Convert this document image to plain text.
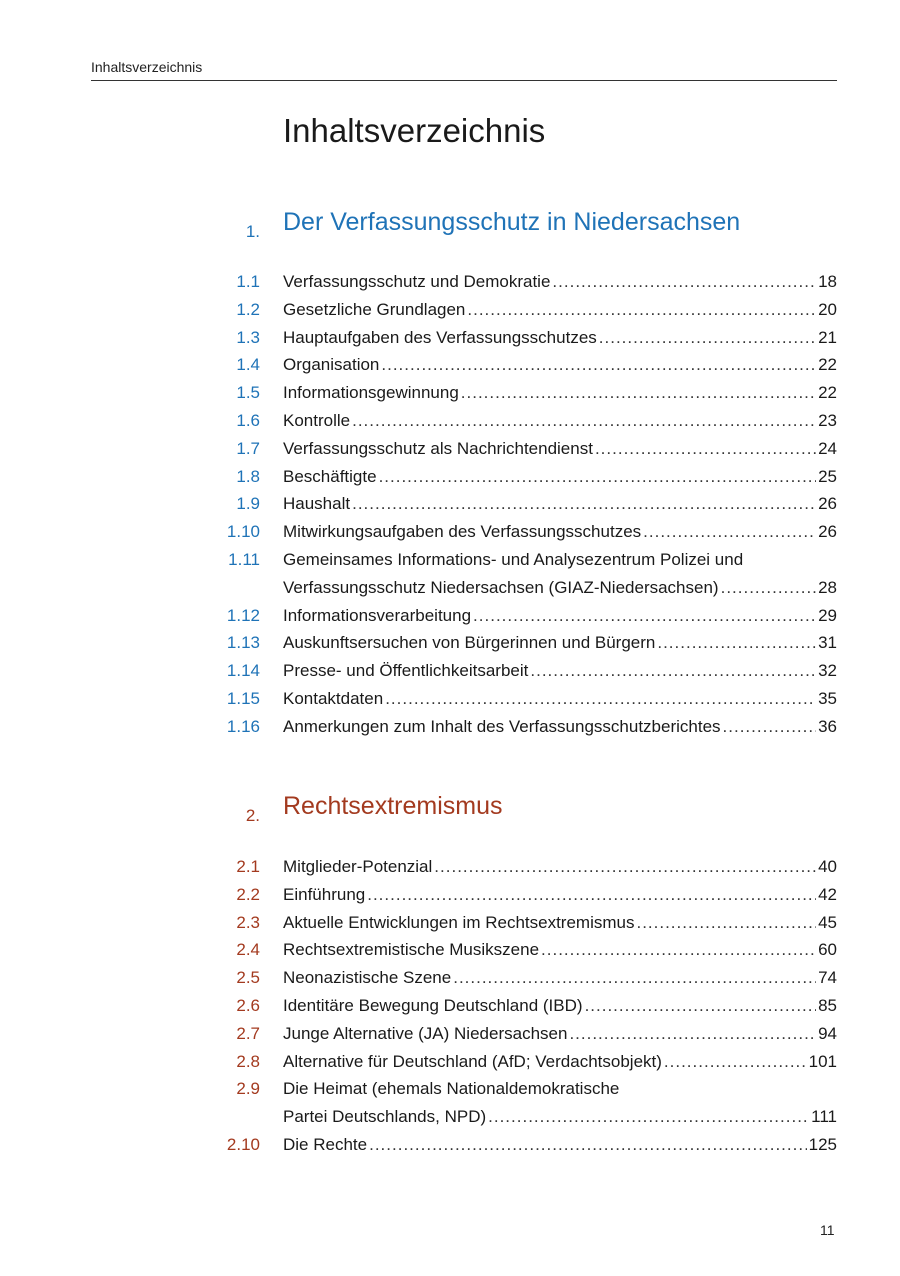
Inhaltsverzeichnis
Inhaltsverzeichnis
1. Der Verfassungsschutz in Niedersachsen
1.1 Verfassungsschutz und Demokratie .....	18
1.2 Gesetzliche Grundlagen .....	20
1.3 Hauptaufgaben des Verfassungsschutzes .....	21
1.4 Organisation .....	22
1.5 Informationsgewinnung .....	22
1.6 Kontrolle .....	23
1.7 Verfassungsschutz als Nachrichtendienst .....	24
1.8 Beschäftigte .....	25
1.9 Haushalt .....	26
1.10 Mitwirkungsaufgaben des Verfassungsschutzes .....	26
1.11 Gemeinsames Informations- und Analysezentrum Polizei und
Verfassungsschutz Niedersachsen (GIAZ-Niedersachsen) .....	28
1.12 Informationsverarbeitung .....	29
1.13 Auskunftsersuchen von Bürgerinnen und Bürgern .....	31
1.14 Presse- und Öffentlichkeitsarbeit .....	32
1.15 Kontaktdaten .....	35
1.16 Anmerkungen zum Inhalt des Verfassungsschutzberichtes .....	36
2. Rechtsextremismus
2.1 Mitglieder-Potenzial .....	40
2.2 Einführung .....	42
2.3 Aktuelle Entwicklungen im Rechtsextremismus .....	45
2.4 Rechtsextremistische Musikszene .....	60
2.5 Neonazistische Szene .....	74
2.6 Identitäre Bewegung Deutschland (IBD) .....	85
2.7 Junge Alternative (JA) Niedersachsen .....	94
2.8 Alternative für Deutschland (AfD; Verdachtsobjekt) .....	101
2.9 Die Heimat (ehemals Nationaldemokratische
Partei Deutschlands, NPD) .....	111
2.10 Die Rechte .....	125
11
